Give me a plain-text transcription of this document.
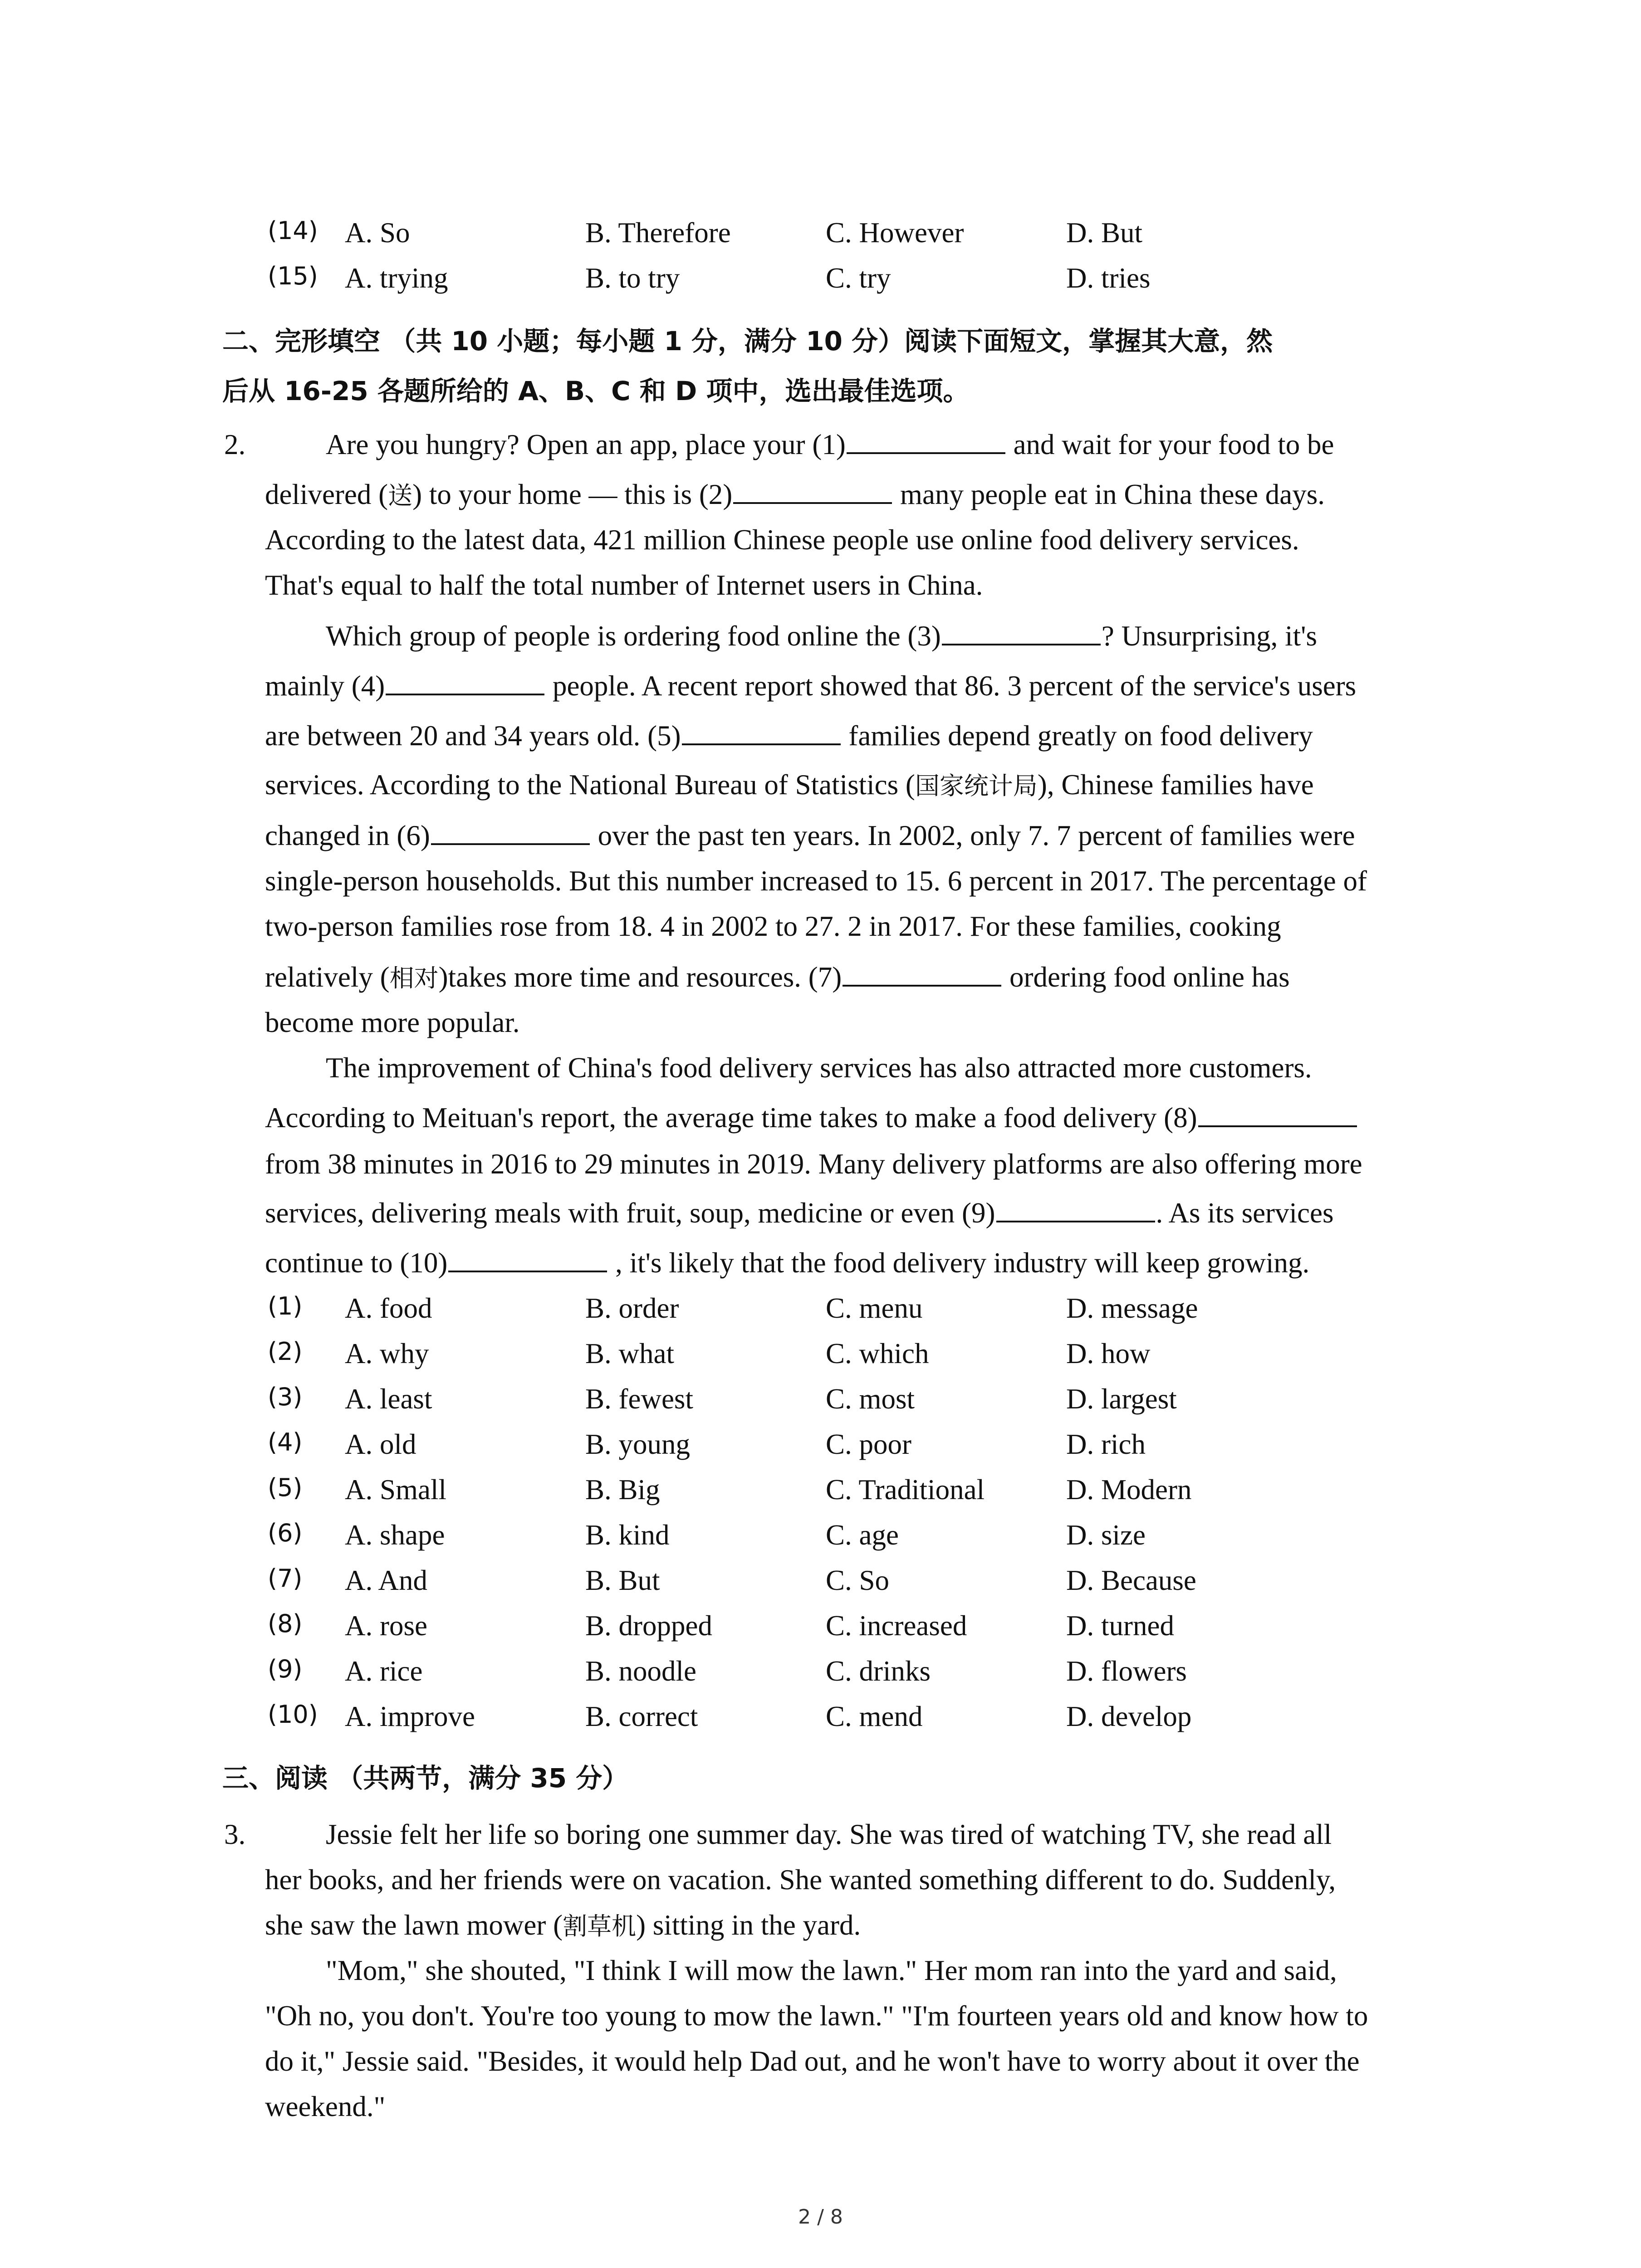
(14) A. So	B. Therefore	C. However	D. But
(15) A. trying	B. to try	C. try	D. tries
二、完形填空 （共 10 小题；每小题 1 分，满分 10 分）阅读下面短文，掌握其大意，然
后从 16-25 各题所给的 A、B、C 和 D 项中，选出最佳选项。
2.	Are you hungry? Open an app, place your (1)	and wait for your food to be
delivered (送) to your home — this is (2)	many people eat in China these days.
According to the latest data, 421 million Chinese people use online food delivery services.
That's equal to half the total number of Internet users in China.
Which group of people is ordering food online the (3)	? Unsurprising, it's
mainly (4)	people. A recent report showed that 86. 3 percent of the service's users
are between 20 and 34 years old. (5)	families depend greatly on food delivery
services. According to the National Bureau of Statistics (国家统计局), Chinese families have
changed in (6)	over the past ten years. In 2002, only 7. 7 percent of families were
single-person households. But this number increased to 15. 6 percent in 2017. The percentage of
two-person families rose from 18. 4 in 2002 to 27. 2 in 2017. For these families, cooking
relatively (相对)takes more time and resources. (7)	ordering food online has
become more popular.
The improvement of China's food delivery services has also attracted more customers.
According to Meituan's report, the average time takes to make a food delivery (8)
from 38 minutes in 2016 to 29 minutes in 2019. Many delivery platforms are also offering more
services, delivering meals with fruit, soup, medicine or even (9)	. As its services
continue to (10)	, it's likely that the food delivery industry will keep growing.
(1) A. food	B. order	C. menu	D. message
(2) A. why	B. what	C. which	D. how
(3) A. least	B. fewest	C. most	D. largest
(4) A. old	B. young	C. poor	D. rich
(5) A. Small	B. Big	C. Traditional	D. Modern
(6) A. shape	B. kind	C. age	D. size
(7) A. And	B. But	C. So	D. Because
(8) A. rose	B. dropped	C. increased	D. turned
(9) A. rice	B. noodle	C. drinks	D. flowers
(10) A. improve	B. correct	C. mend	D. develop
三、阅读 （共两节，满分 35 分）
3.	Jessie felt her life so boring one summer day. She was tired of watching TV, she read all
her books, and her friends were on vacation. She wanted something different to do. Suddenly,
she saw the lawn mower (割草机) sitting in the yard.
"Mom," she shouted, "I think I will mow the lawn." Her mom ran into the yard and said,
"Oh no, you don't. You're too young to mow the lawn." "I'm fourteen years old and know how to
do it," Jessie said. "Besides, it would help Dad out, and he won't have to worry about it over the
weekend."
2 / 8
